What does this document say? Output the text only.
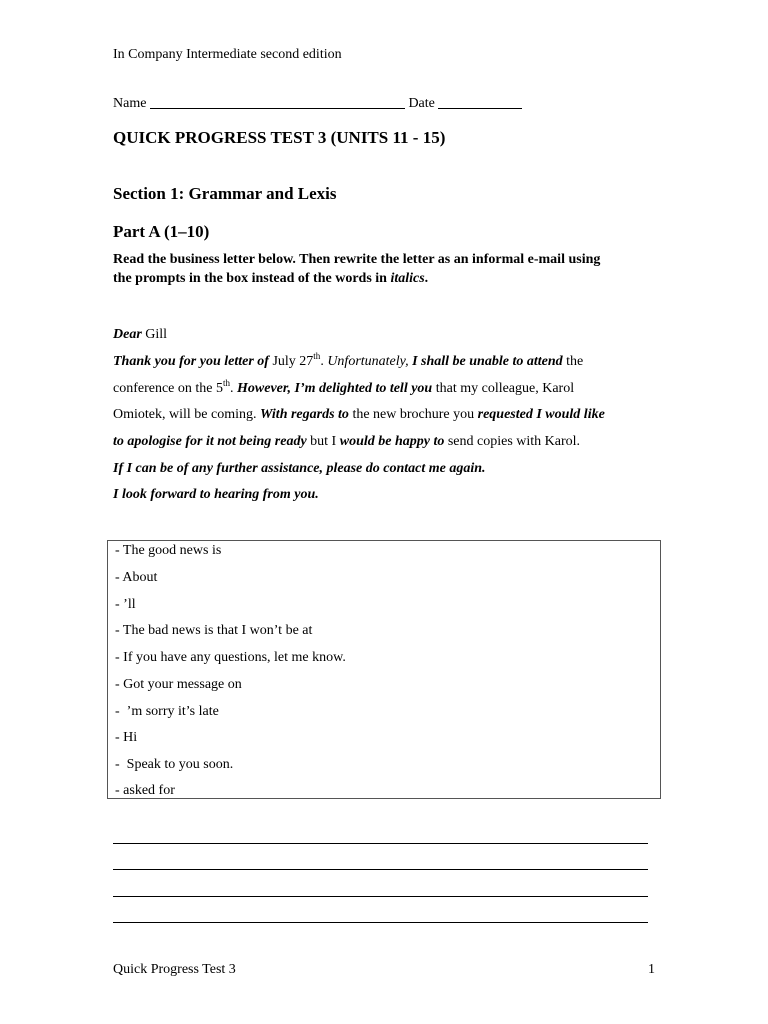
In Company Intermediate second edition
Name	Date
QUICK PROGRESS TEST 3 (UNITS 11 - 15)
Section 1: Grammar and Lexis
Part A (1–10)
Read the business letter below. Then rewrite the letter as an informal e-mail using
the prompts in the box instead of the words in italics.
Dear Gill
Thank you for you letter of July 27th. Unfortunately, I shall be unable to attend the
conference on the 5th. However, I’m delighted to tell you that my colleague, Karol
Omiotek, will be coming. With regards to the new brochure you requested I would like
to apologise for it not being ready but I would be happy to send copies with Karol.
If I can be of any further assistance, please do contact me again.
I look forward to hearing from you.
- The good news is
- About
- ’ll
- The bad news is that I won’t be at
- If you have any questions, let me know.
- Got your message on
-  ’m sorry it’s late
- Hi
-  Speak to you soon.
- asked for
Quick Progress Test 3	1
